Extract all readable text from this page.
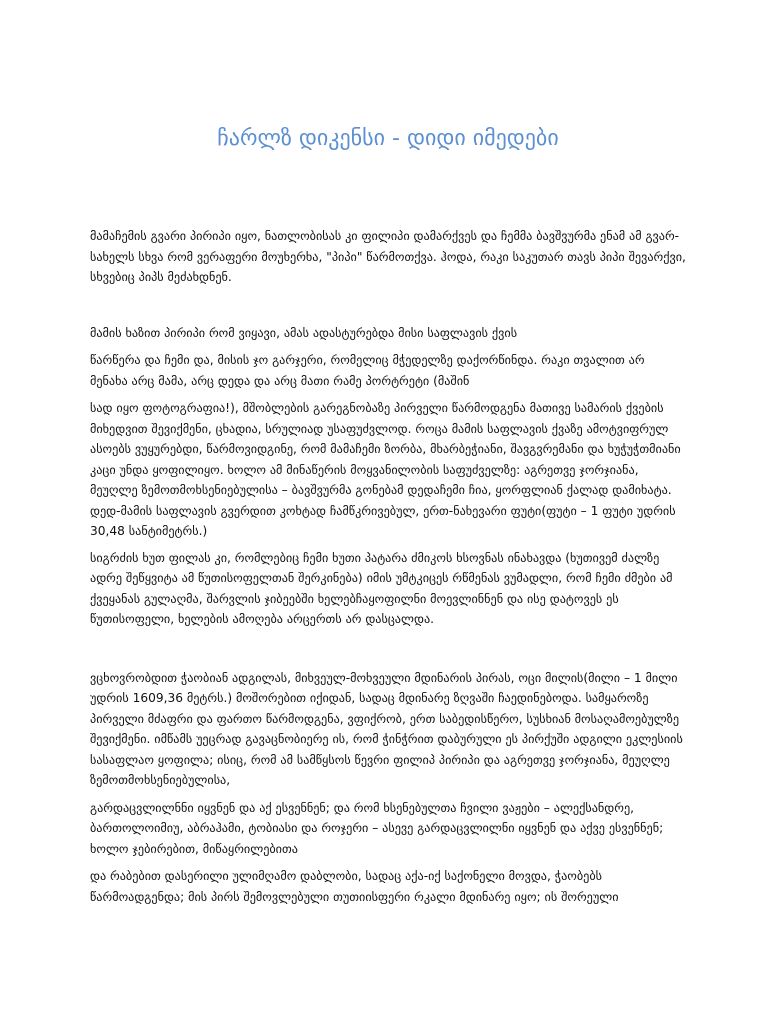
ჩარლზ დიკენსი - დიდი იმედები

მამაჩემის გვარი პირიპი იყო, ნათლობისას კი ფილიპი დამარქვეს და ჩემმა ბავშვურმა ენამ ამ გვარ-სახელს სხვა რომ ვერაფერი მოუხერხა, "პიპი" წარმოთქვა. ჰოდა, რაკი საკუთარ თავს პიპი შევარქვი, სხვებიც პიპს მეძახდნენ.

მამის ხაზით პირიპი რომ ვიყავი, ამას ადასტურებდა მისი საფლავის ქვის

წარწერა და ჩემი და, მისის ჯო გარჯერი, რომელიც მჭედელზე დაქორწინდა. რაკი თვალით არ მენახა არც მამა, არც დედა და არც მათი რამე პორტრეტი (მაშინ

სად იყო ფოტოგრაფია!), მშობლების გარეგნობაზე პირველი წარმოდგენა მათივე სამარის ქვების მიხედვით შევიქმენი, ცხადია, სრულიად უსაფუძვლოდ. როცა მამის საფლავის ქვაზე ამოტვიფრულ ასოებს ვუყურებდი, წარმოვიდგინე, რომ მამაჩემი ზორბა, მხარბეჭიანი, შავგვრემანი და ხუჭუჭთმიანი კაცი უნდა ყოფილიყო. ხოლო ამ მინაწერის მოყვანილობის საფუძველზე: აგრეთვე ჯორჯიანა, მეუღლე ზემოთმოხსენიებულისა – ბავშვურმა გონებამ დედაჩემი ჩია, ყორფლიან ქალად დამიხატა. დედ-მამის საფლავის გვერდით კოხტად ჩამწკრივებულ, ერთ-ნახევარი ფუტი(ფუტი – 1 ფუტი უდრის 30,48 სანტიმეტრს.)

სიგრძის ხუთ ფილას კი, რომლებიც ჩემი ხუთი პატარა ძმიკოს ხსოვნას ინახავდა (ხუთივემ ძალზე ადრე შეწყვიტა ამ წუთისოფელთან შერკინება) იმის უმტკიცეს რწმენას ვუმადლი, რომ ჩემი ძმები ამ ქვეყანას გულაღმა, შარვლის ჯიბეებში ხელებჩაყოფილნი მოევლინნენ და ისე დატოვეს ეს წუთისოფელი, ხელების ამოღება არცერთს არ დასცალდა.

ვცხოვრობდით ჭაობიან ადგილას, მიხვეულ-მოხვეული მდინარის პირას, ოცი მილის(მილი – 1 მილი უდრის 1609,36 მეტრს.) მოშორებით იქიდან, სადაც მდინარე ზღვაში ჩაედინებოდა. სამყაროზე პირველი მძაფრი და ფართო წარმოდგენა, ვფიქრობ, ერთ საბედისწერო, სუსხიან მოსაღამოებულზე შევიქმენი. იმწამს უეცრად გავაცნობიერე ის, რომ ჭინჭრით დაბურული ეს პირქუში ადგილი ეკლესიის სასაფლაო ყოფილა; ისიც, რომ ამ სამწყსოს წევრი ფილიპ პირიპი და აგრეთვე ჯორჯიანა, მეუღლე ზემოთმოხსენიებულისა,

გარდაცვლილნნი იყვნენ და აქ ესვენნენ; და რომ ხსენებულთა ჩვილი ვაჟები – ალექსანდრე, ბართოლოიმიუ, აბრაჰამი, ტობიასი და როჯერი – ასევე გარდაცვლილნი იყვნენ და აქვე ესვენნენ; ხოლო ჯებირებით, მიწაყრილებითა

და რაბებით დასერილი ულიმღამო დაბლობი, სადაც აქა-იქ საქონელი მოვდა, ჭაობებს წარმოადგენდა; მის პირს შემოვლებული თუთიისფერი რკალი მდინარე იყო; ის შორეული
